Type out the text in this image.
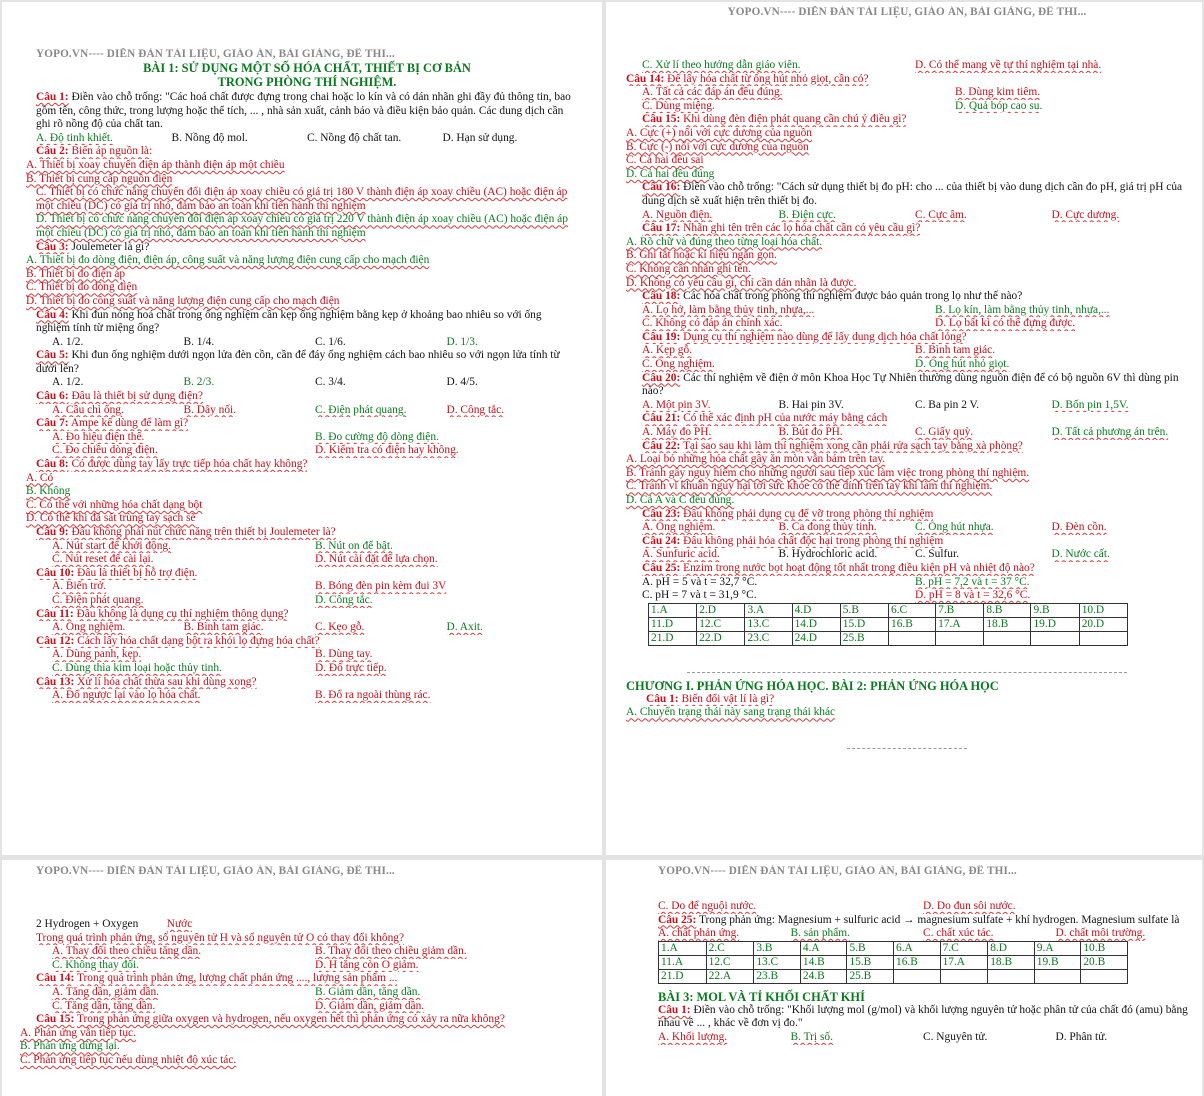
YOPO.VN---- DIỄN ĐÀN TÀI LIỆU, GIÁO ÁN, BÀI GIẢNG, ĐỀ THI...
BÀI 1: SỬ DỤNG MỘT SỐ HÓA CHẤT, THIẾT BỊ CƠ BẢN
TRONG PHÒNG THÍ NGHIỆM.
Câu 1: Điền vào chỗ trống: "Các hoá chất được đựng trong chai hoặc lo kín và có dán nhãn ghi đầy đủ thông tin, bao gồm tên, công thức, trong lượng hoặc thể tích, ... , nhà sản xuất, cảnh báo và điều kiện bảo quản. Các dung dịch cần ghi rõ nồng độ của chất tan.
A. Độ tinh khiết.	B. Nồng độ mol.	C. Nồng độ chất tan.	D. Hạn sử dụng.
Câu 2: Biến áp nguồn là:
A. Thiết bị xoay chuyển điện áp thành điện áp một chiều
B. Thiết bị cung cấp nguồn điện
C. Thiết bị có chức năng chuyển đổi điện áp xoay chiều có giá trị 180 V thành điện áp xoay chiều (AC) hoặc điện áp một chiều (DC) có giá trị nhỏ, đảm bảo an toàn khi tiến hành thí nghiệm
D. Thiết bị có chức năng chuyển đổi điện áp xoay chiều có giá trị 220 V thành điện áp xoay chiều (AC) hoặc điện áp một chiều (DC) có giá trị nhỏ, đảm bảo an toàn khi tiến hành thí nghiệm
Câu 3: Joulemeter là gì?
A. Thiết bị đo dòng điện, điện áp, công suất và năng lượng điện cung cấp cho mạch điện
B. Thiết bị đo điện áp
C. Thiết bị đo dòng điện
D. Thiết bị đo công suất và năng lượng điện cung cấp cho mạch điện
Câu 4: Khi đun nóng hoá chất trong ống nghiệm cần kẹp ống nghiệm bằng kẹp ở khoảng bao nhiêu so với ống nghiệm tính từ miệng ống?
A. 1/2.	B. 1/4.	C. 1/6.	D. 1/3.
Câu 5: Khi đun ống nghiệm dưới ngọn lửa đèn cồn, cần để đáy ống nghiệm cách bao nhiêu so với ngọn lửa tính từ dưới lên?
A. 1/2.	B. 2/3.	C. 3/4.	D. 4/5.
Câu 6: Đâu là thiết bị sử dụng điện?
A. Cầu chì ống.	B. Dây nối.	C. Điện phát quang.	D. Công tắc.
Câu 7: Ampe kế dùng để làm gì?
A. Đo hiệu điện thế.	B. Đo cường độ dòng điện.
C. Đo chiều dòng điện.	D. Kiểm tra có điện hay không.
Câu 8: Có được dùng tay lấy trực tiếp hóa chất hay không?
A. Có
B. Không
C. Có thể với những hóa chất dạng bột
D. Có thể khi đã sát trùng tay sạch sẽ
Câu 9: Đâu không phải nút chức năng trên thiết bị Joulemeter là?
A. Nút start để khởi động.	B. Nút on để bật.
C. Nút reset để cài lại.	D. Nút cài đặt để lựa chọn.
Câu 10: Đâu là thiết bị hỗ trợ điện.
A. Biến trở.	B. Bóng đèn pin kèm đui 3V
C. Điện phát quang.	D. Công tắc.
Câu 11: Đâu không là dụng cụ thí nghiệm thông dụng?
A. Ống nghiệm.	B. Bình tam giác.	C. Kẹo gỗ.	D. Axit.
Câu 12: Cách lấy hóa chất dạng bột ra khỏi lọ đựng hóa chất?
A. Dùng panh, kẹp.	B. Dùng tay.
C. Dùng thìa kim loại hoặc thủy tinh.	D. Đổ trực tiếp.
Câu 13: Xử lí hóa chất thừa sau khi dùng xong?
A. Đổ ngược lại vào lọ hóa chất.	B. Đổ ra ngoài thùng rác.
YOPO.VN---- DIỄN ĐÀN TÀI LIỆU, GIÁO ÁN, BÀI GIẢNG, ĐỀ THI...
C. Xử lí theo hướng dẫn giáo viên.	D. Có thể mang về tự thí nghiệm tại nhà.
Câu 14: Để lấy hóa chất từ ống hút nhỏ giọt, cần có?
A. Tất cả các đáp án đều đúng.	B. Dùng kim tiêm.
C. Dùng miệng.	D. Quả bóp cao su.
Câu 15: Khi dùng đèn điện phát quang cần chú ý điều gì?
A. Cực (+) nối với cực dương của nguồn
B. Cực (-) nối với cực dương của nguồn
C. Cả hai đều sai
D. Cả hai đều đúng
Câu 16: Điền vào chỗ trống: "Cách sử dụng thiết bị đo pH: cho ... của thiết bị vào dung dịch cần đo pH, giá trị pH của dung dịch sẽ xuất hiện trên thiết bị đo.
A. Nguồn điện.	B. Điện cực.	C. Cực âm.	D. Cực dương.
Câu 17: Nhãn ghi tên trên các lọ hóa chất cần có yêu cầu gì?
A. Rõ chữ và đúng theo từng loại hóa chất.
B. Ghi tắt hoặc kí hiệu ngắn gọn.
C. Không cần nhãn ghi tên.
D. Không có yêu cầu gì, chỉ cần dán nhãn là được.
Câu 18: Các hóa chất trong phòng thí nghiệm được bảo quản trong lọ như thế nào?
A. Lọ hở, làm bằng thủy tinh, nhựa,...	B. Lọ kín, làm bằng thủy tinh, nhựa,...
C. Không có đáp án chính xác.	D. Lọ bất kì có thể đựng được.
Câu 19: Dụng cụ thí nghiệm nào dùng để lấy dung dịch hóa chất lỏng?
A. Kẹp gỗ.	B. Bình tam giác.
C. Ống nghiệm.	D. Ống hút nhỏ giọt.
Câu 20: Các thí nghiệm về điện ở môn Khoa Học Tự Nhiên thường dùng nguồn điện để có bộ nguồn 6V thì dùng pin nào?
A. Một pin 3V.	B. Hai pin 3V.	C. Ba pin 2 V.	D. Bốn pin 1,5V.
Câu 21: Có thể xác định pH của nước máy bằng cách
A. Máy đo PH.	B. Bút đo PH.	C. Giấy quỳ.	D. Tất cả phương án trên.
Câu 22: Tại sao sau khi làm thí nghiệm xong cần phải rửa sạch tay bằng xà phòng?
A. Loại bỏ những hóa chất gây ăn mòn vẫn bám trên tay.
B. Tránh gây nguy hiểm cho những người sau tiếp xúc làm việc trong phòng thí nghiệm.
C. Tránh vi khuẩn nguy hại tới sức khỏe có thể dính trên tay khi làm thí nghiệm.
D. Cả A và C đều đúng.
Câu 23: Đâu không phải dụng cụ để vỡ trong phòng thí nghiệm
A. Ống nghiệm.	B. Ca đong thủy tinh.	C. Ống hút nhựa.	D. Đèn cồn.
Câu 24: Đâu không phải hóa chất độc hại trong phòng thí nghiệm
A. Sunfuric acid.	B. Hydrochloric acid.	C. Sulfur.	D. Nước cất.
Câu 25: Enzim trong nước bọt hoạt động tốt nhất trong điều kiện pH và nhiệt độ nào?
A. pH = 5 và t = 32,7 °C.	B. pH = 7,2 và t = 37 °C.
C. pH = 7 và t = 31,9 °C.	D. pH = 8 và t = 32,6 °C.
1.A	2.D	3.A	4.D	5.B	6.C	7.B	8.B	9.B	10.D
11.D	12.C	13.C	14.D	15.D	16.B	17.A	18.B	19.D	20.D
21.D	22.D	23.C	24.D	25.B					
CHƯƠNG I. PHẢN ỨNG HÓA HỌC. BÀI 2: PHẢN ỨNG HÓA HỌC
Câu 1: Biến đổi vật lí là gì?
A. Chuyển trạng thái này sang trạng thái khác
YOPO.VN---- DIỄN ĐÀN TÀI LIỆU, GIÁO ÁN, BÀI GIẢNG, ĐỀ THI...
2 Hydrogen + Oxygen Nước
Trong quá trình phản ứng, số nguyên tử H và số nguyên tử O có thay đổi không?
A. Thay đổi theo chiều tăng dần.	B. Thay đổi theo chiều giảm dần.
C. Không thay đổi.	D. H tăng còn O giảm.
Câu 14: Trong quá trình phản ứng, lượng chất phản ứng ...., lượng sản phẩm ...
A. Tăng dần, giảm dần.	B. Giảm dần, tăng dần.
C. Tăng dần, tăng dần.	D. Giảm dần, giảm dần.
Câu 15: Trong phản ứng giữa oxygen và hydrogen, nếu oxygen hết thì phản ứng có xảy ra nữa không?
A. Phản ứng vẫn tiếp tục.
B. Phản ứng dừng lại.
C. Phản ứng tiếp tục nếu dùng nhiệt độ xúc tác.
YOPO.VN---- DIỄN ĐÀN TÀI LIỆU, GIÁO ÁN, BÀI GIẢNG, ĐỀ THI...
C. Do để nguội nước.	D. Do đun sôi nước.
Câu 25: Trong phản ứng: Magnesium + sulfuric acid → magnesium sulfate + khí hydrogen. Magnesium sulfate là
A. chất phản ứng.	B. sản phẩm.	C. chất xúc tác.	D. chất môi trường.
1.A	2.C	3.B	4.A	5.B	6.A	7.C	8.D	9.A	10.B
11.A	12.C	13.C	14.B	15.B	16.B	17.A	18.B	19.B	20.B
21.D	22.A	23.B	24.B	25.B					
BÀI 3: MOL VÀ TỈ KHỐI CHẤT KHÍ
Câu 1: Điền vào chỗ trống: "Khối lượng mol (g/mol) và khối lượng nguyên tử hoặc phân tử của chất đó (amu) bằng nhau về ... , khác về đơn vị đo."
A. Khối lượng.	B. Trị số.	C. Nguyên tử.	D. Phân tử.
